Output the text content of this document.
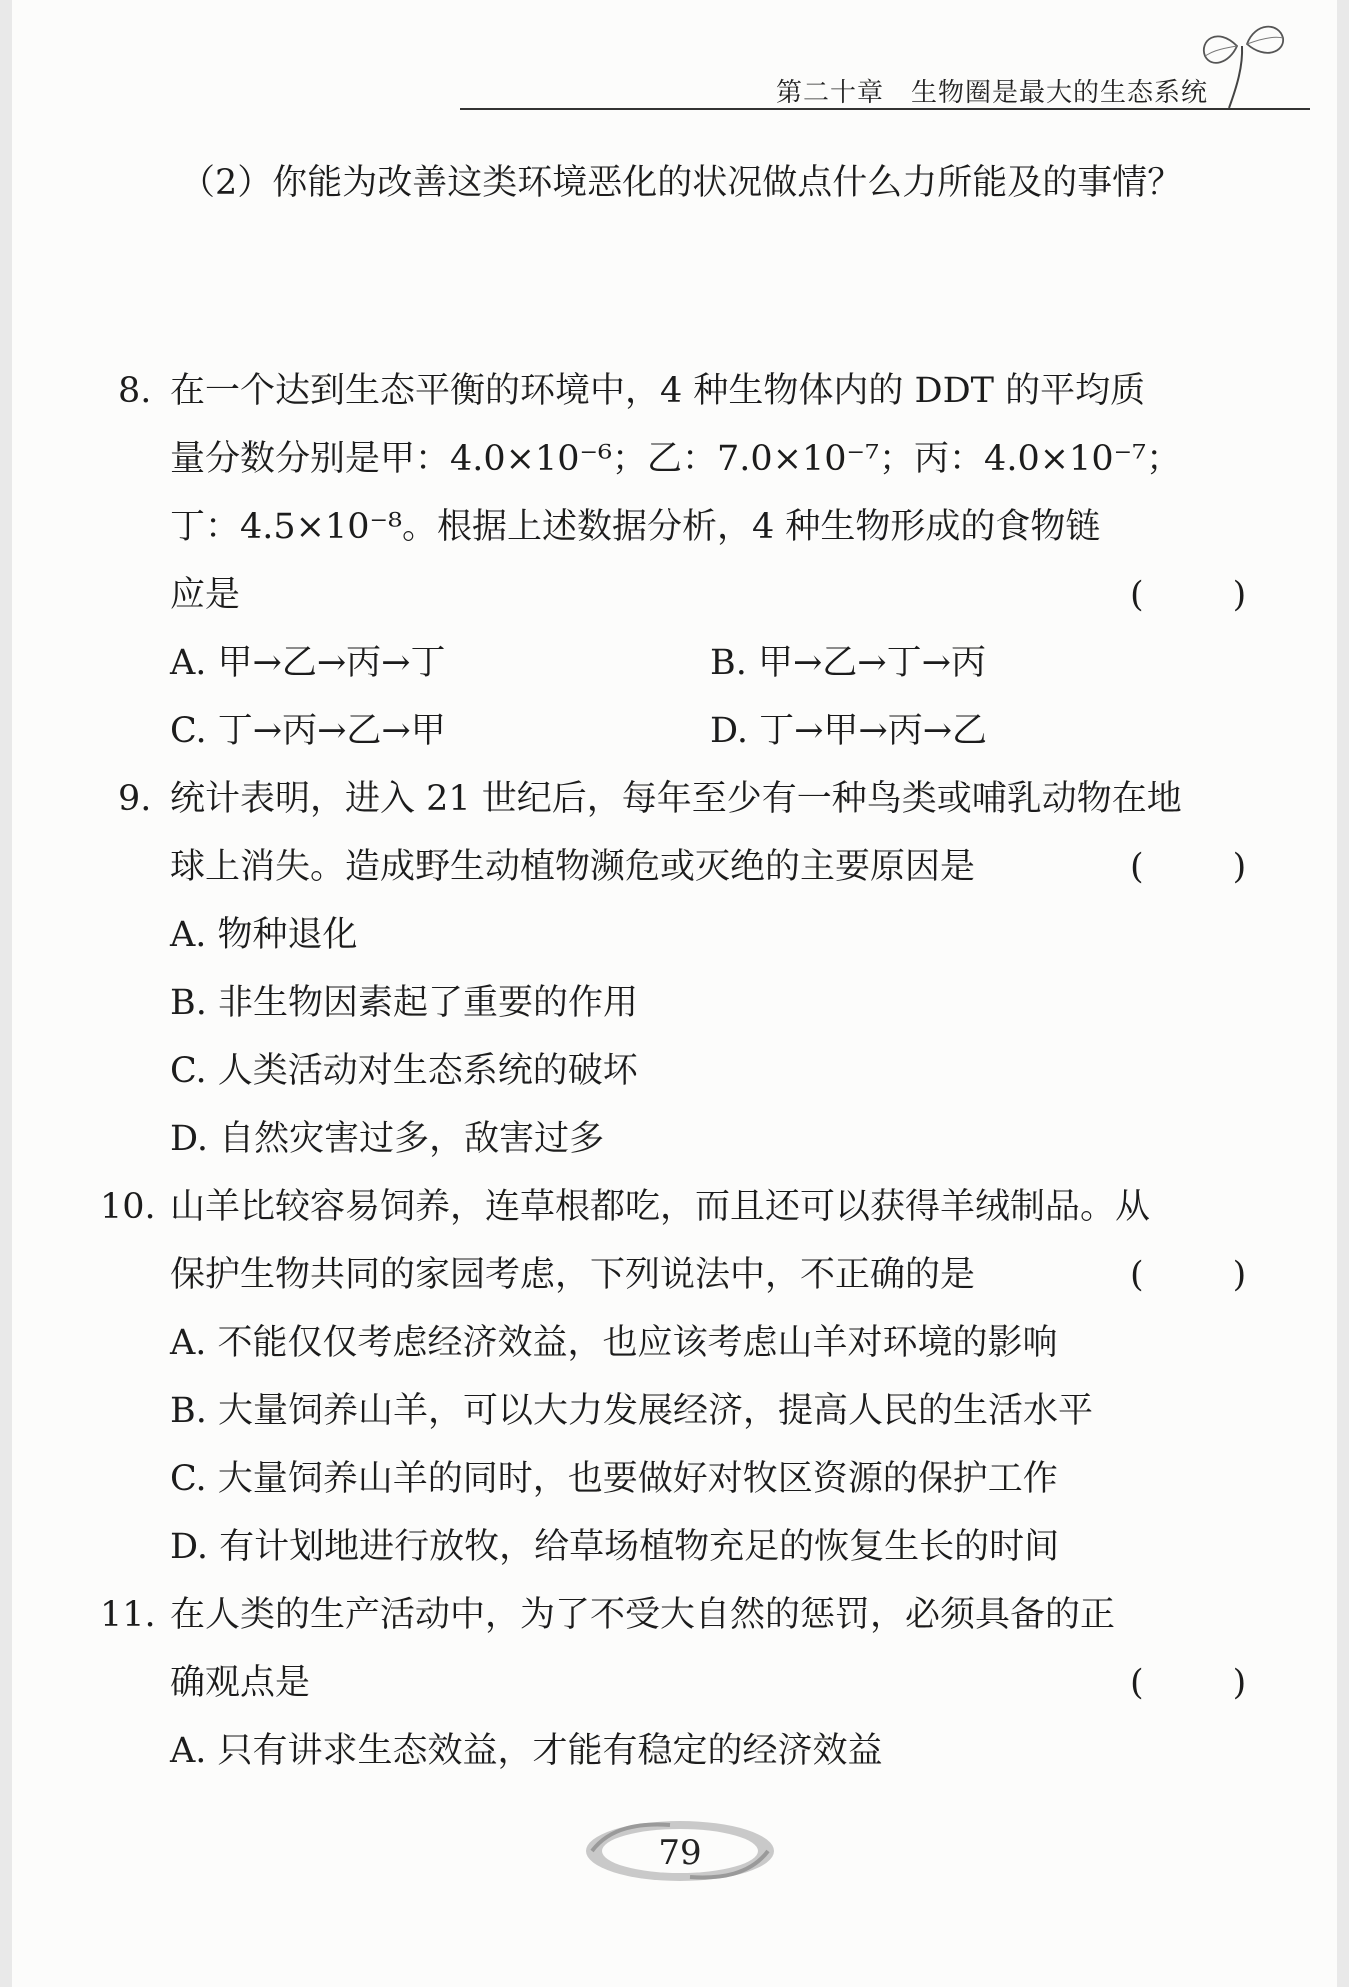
第二十章　生物圈是最大的生态系统
（2）你能为改善这类环境恶化的状况做点什么力所能及的事情？
8. 在一个达到生态平衡的环境中，4 种生物体内的 DDT 的平均质
量分数分别是甲：4.0×10⁻⁶；乙：7.0×10⁻⁷；丙：4.0×10⁻⁷；
丁：4.5×10⁻⁸。根据上述数据分析，4 种生物形成的食物链
应是	(        )
A. 甲→乙→丙→丁	B. 甲→乙→丁→丙
C. 丁→丙→乙→甲	D. 丁→甲→丙→乙
9. 统计表明，进入 21 世纪后，每年至少有一种鸟类或哺乳动物在地
球上消失。造成野生动植物濒危或灭绝的主要原因是	(        )
A. 物种退化
B. 非生物因素起了重要的作用
C. 人类活动对生态系统的破坏
D. 自然灾害过多，敌害过多
10. 山羊比较容易饲养，连草根都吃，而且还可以获得羊绒制品。从
保护生物共同的家园考虑，下列说法中，不正确的是	(        )
A. 不能仅仅考虑经济效益，也应该考虑山羊对环境的影响
B. 大量饲养山羊，可以大力发展经济，提高人民的生活水平
C. 大量饲养山羊的同时，也要做好对牧区资源的保护工作
D. 有计划地进行放牧，给草场植物充足的恢复生长的时间
11. 在人类的生产活动中，为了不受大自然的惩罚，必须具备的正
确观点是	(        )
A. 只有讲求生态效益，才能有稳定的经济效益
79
